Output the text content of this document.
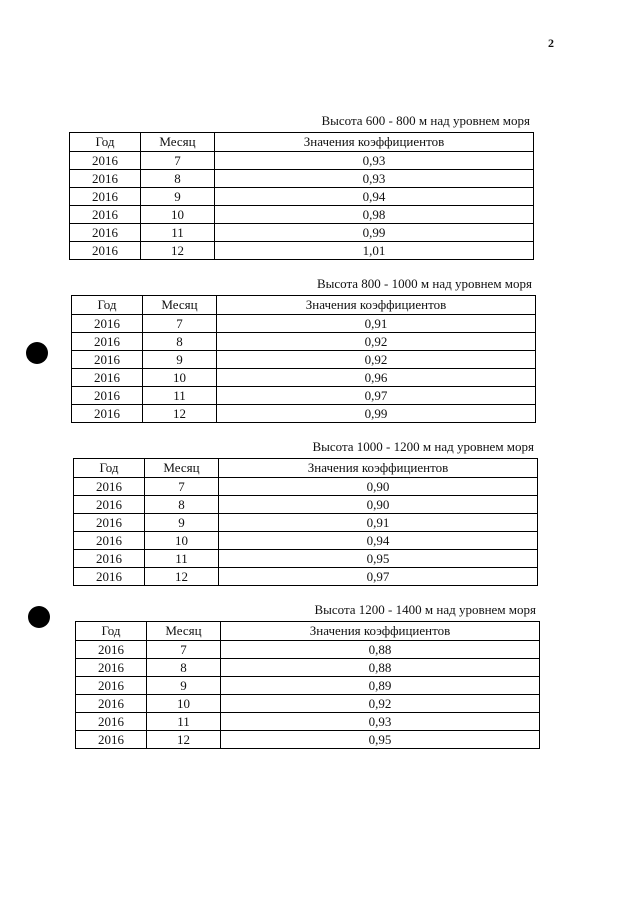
2
Высота 600 - 800 м над уровнем моря
Год	Месяц	Значения коэффициентов
2016	7	0,93
2016	8	0,93
2016	9	0,94
2016	10	0,98
2016	11	0,99
2016	12	1,01
Высота 800 - 1000 м над уровнем моря
Год	Месяц	Значения коэффициентов
2016	7	0,91
2016	8	0,92
2016	9	0,92
2016	10	0,96
2016	11	0,97
2016	12	0,99
Высота 1000 - 1200 м над уровнем моря
Год	Месяц	Значения коэффициентов
2016	7	0,90
2016	8	0,90
2016	9	0,91
2016	10	0,94
2016	11	0,95
2016	12	0,97
Высота 1200 - 1400 м над уровнем моря
Год	Месяц	Значения коэффициентов
2016	7	0,88
2016	8	0,88
2016	9	0,89
2016	10	0,92
2016	11	0,93
2016	12	0,95
